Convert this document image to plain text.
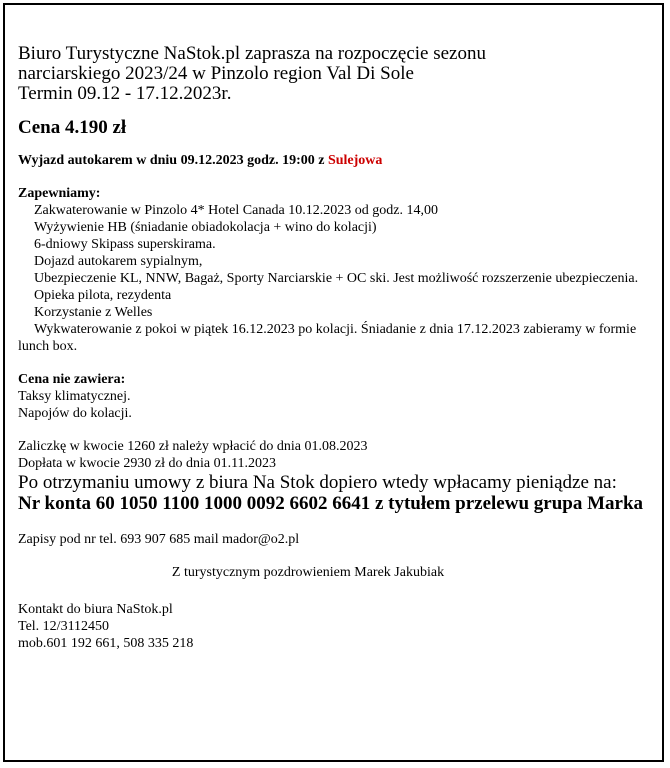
Biuro Turystyczne NaStok.pl zaprasza na rozpoczęcie sezonu
narciarskiego 2023/24 w Pinzolo region Val Di Sole
Termin 09.12 - 17.12.2023r.
Cena 4.190 zł
Wyjazd autokarem w dniu 09.12.2023 godz. 19:00 z Sulejowa
Zapewniamy:
Zakwaterowanie w Pinzolo 4* Hotel Canada 10.12.2023 od godz. 14,00
Wyżywienie HB (śniadanie obiadokolacja + wino do kolacji)
6-dniowy Skipass superskirama.
Dojazd autokarem sypialnym,
Ubezpieczenie KL, NNW, Bagaż, Sporty Narciarskie + OC ski. Jest możliwość rozszerzenie ubezpieczenia.
Opieka pilota, rezydenta
Korzystanie z Welles
Wykwaterowanie z pokoi w piątek 16.12.2023 po kolacji. Śniadanie z dnia 17.12.2023 zabieramy w formie lunch box.
Cena nie zawiera:
Taksy klimatycznej.
Napojów do kolacji.
Zaliczkę w kwocie 1260 zł należy wpłacić do dnia 01.08.2023
Dopłata w kwocie 2930 zł do dnia 01.11.2023
Po otrzymaniu umowy z biura Na Stok dopiero wtedy wpłacamy pieniądze na:
Nr konta 60 1050 1100 1000 0092 6602 6641 z tytułem przelewu grupa Marka
Zapisy pod nr tel. 693 907 685 mail mador@o2.pl
Z turystycznym pozdrowieniem Marek Jakubiak
Kontakt do biura NaStok.pl
Tel. 12/3112450
mob.601 192 661, 508 335 218
